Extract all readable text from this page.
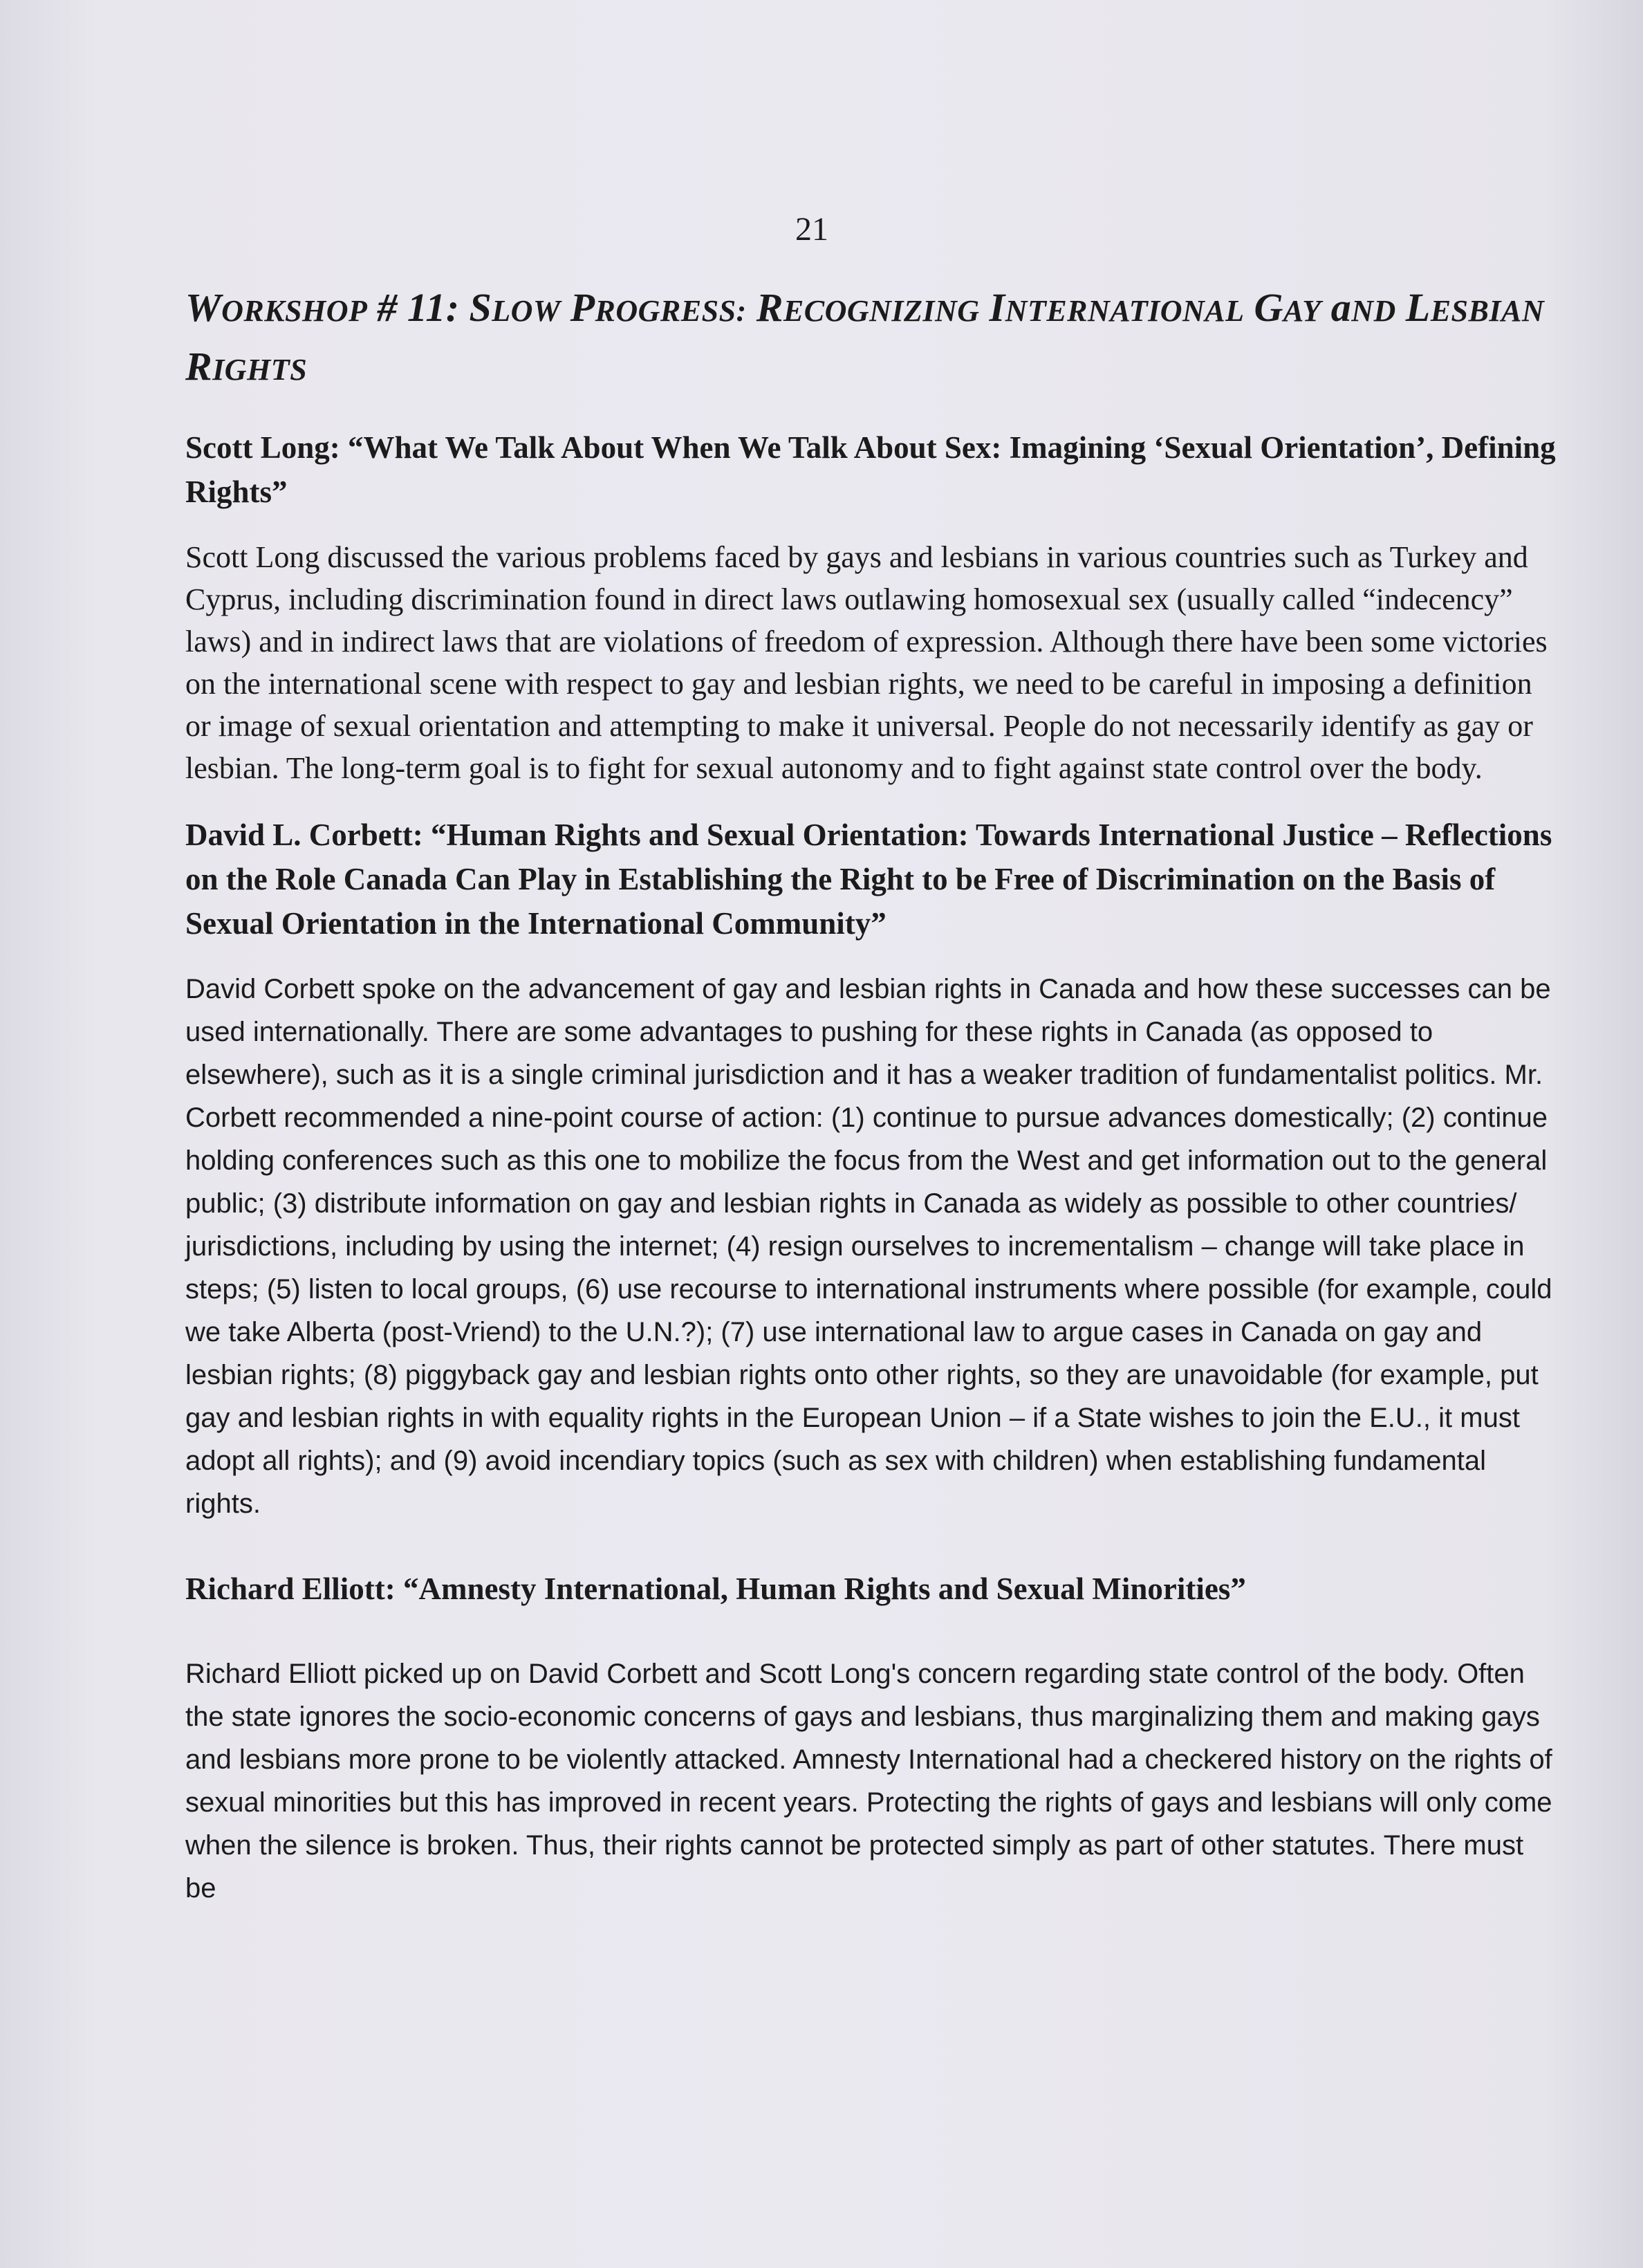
21
WORKSHOP # 11: SLOW PROGRESS: RECOGNIZING INTERNATIONAL GAY aND LESBIAN RIGHTS
Scott Long: “What We Talk About When We Talk About Sex: Imagining ‘Sexual Orientation’, Defining Rights”
Scott Long discussed the various problems faced by gays and lesbians in various countries such as Turkey and Cyprus, including discrimination found in direct laws outlawing homosexual sex (usually called “indecency” laws) and in indirect laws that are violations of freedom of expression. Although there have been some victories on the international scene with respect to gay and lesbian rights, we need to be careful in imposing a definition or image of sexual orientation and attempting to make it universal. People do not necessarily identify as gay or lesbian. The long-term goal is to fight for sexual autonomy and to fight against state control over the body.
David L. Corbett: “Human Rights and Sexual Orientation: Towards International Justice – Reflections on the Role Canada Can Play in Establishing the Right to be Free of Discrimination on the Basis of Sexual Orientation in the International Community”
David Corbett spoke on the advancement of gay and lesbian rights in Canada and how these successes can be used internationally. There are some advantages to pushing for these rights in Canada (as opposed to elsewhere), such as it is a single criminal jurisdiction and it has a weaker tradition of fundamentalist politics. Mr. Corbett recommended a nine-point course of action: (1) continue to pursue advances domestically; (2) continue holding conferences such as this one to mobilize the focus from the West and get information out to the general public; (3) distribute information on gay and lesbian rights in Canada as widely as possible to other countries/ jurisdictions, including by using the internet; (4) resign ourselves to incrementalism – change will take place in steps; (5) listen to local groups, (6) use recourse to international instruments where possible (for example, could we take Alberta (post-Vriend) to the U.N.?); (7) use international law to argue cases in Canada on gay and lesbian rights; (8) piggyback gay and lesbian rights onto other rights, so they are unavoidable (for example, put gay and lesbian rights in with equality rights in the European Union – if a State wishes to join the E.U., it must adopt all rights); and (9) avoid incendiary topics (such as sex with children) when establishing fundamental rights.
Richard Elliott: “Amnesty International, Human Rights and Sexual Minorities”
Richard Elliott picked up on David Corbett and Scott Long's concern regarding state control of the body. Often the state ignores the socio-economic concerns of gays and lesbians, thus marginalizing them and making gays and lesbians more prone to be violently attacked. Amnesty International had a checkered history on the rights of sexual minorities but this has improved in recent years. Protecting the rights of gays and lesbians will only come when the silence is broken. Thus, their rights cannot be protected simply as part of other statutes. There must be
